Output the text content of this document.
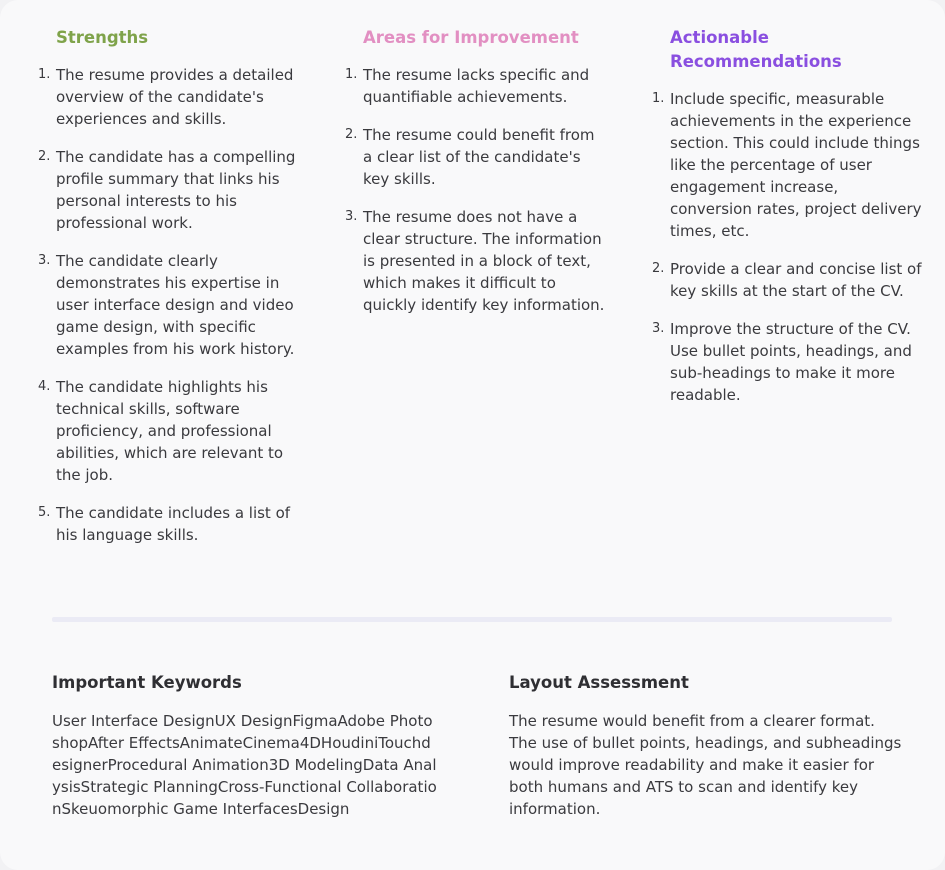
Strengths
The resume provides a detailed overview of the candidate's experiences and skills.
The candidate has a compelling profile summary that links his personal interests to his professional work.
The candidate clearly demonstrates his expertise in user interface design and video game design, with specific examples from his work history.
The candidate highlights his technical skills, software proficiency, and professional abilities, which are relevant to the job.
The candidate includes a list of his language skills.
Areas for Improvement
The resume lacks specific and quantifiable achievements.
The resume could benefit from a clear list of the candidate's key skills.
The resume does not have a clear structure. The information is presented in a block of text, which makes it difficult to quickly identify key information.
Actionable Recommendations
Include specific, measurable achievements in the experience section. This could include things like the percentage of user engagement increase, conversion rates, project delivery times, etc.
Provide a clear and concise list of key skills at the start of the CV.
Improve the structure of the CV. Use bullet points, headings, and sub-headings to make it more readable.
Important Keywords
User Interface DesignUX DesignFigmaAdobe PhotoshopAfter EffectsAnimateCinema4DHoudiniTouchdesignerProcedural Animation3D ModelingData AnalysisStrategic PlanningCross-Functional CollaborationSkeuomorphic Game InterfacesDesign
Layout Assessment
The resume would benefit from a clearer format.
The use of bullet points, headings, and subheadings would improve readability and make it easier for both humans and ATS to scan and identify key information.
